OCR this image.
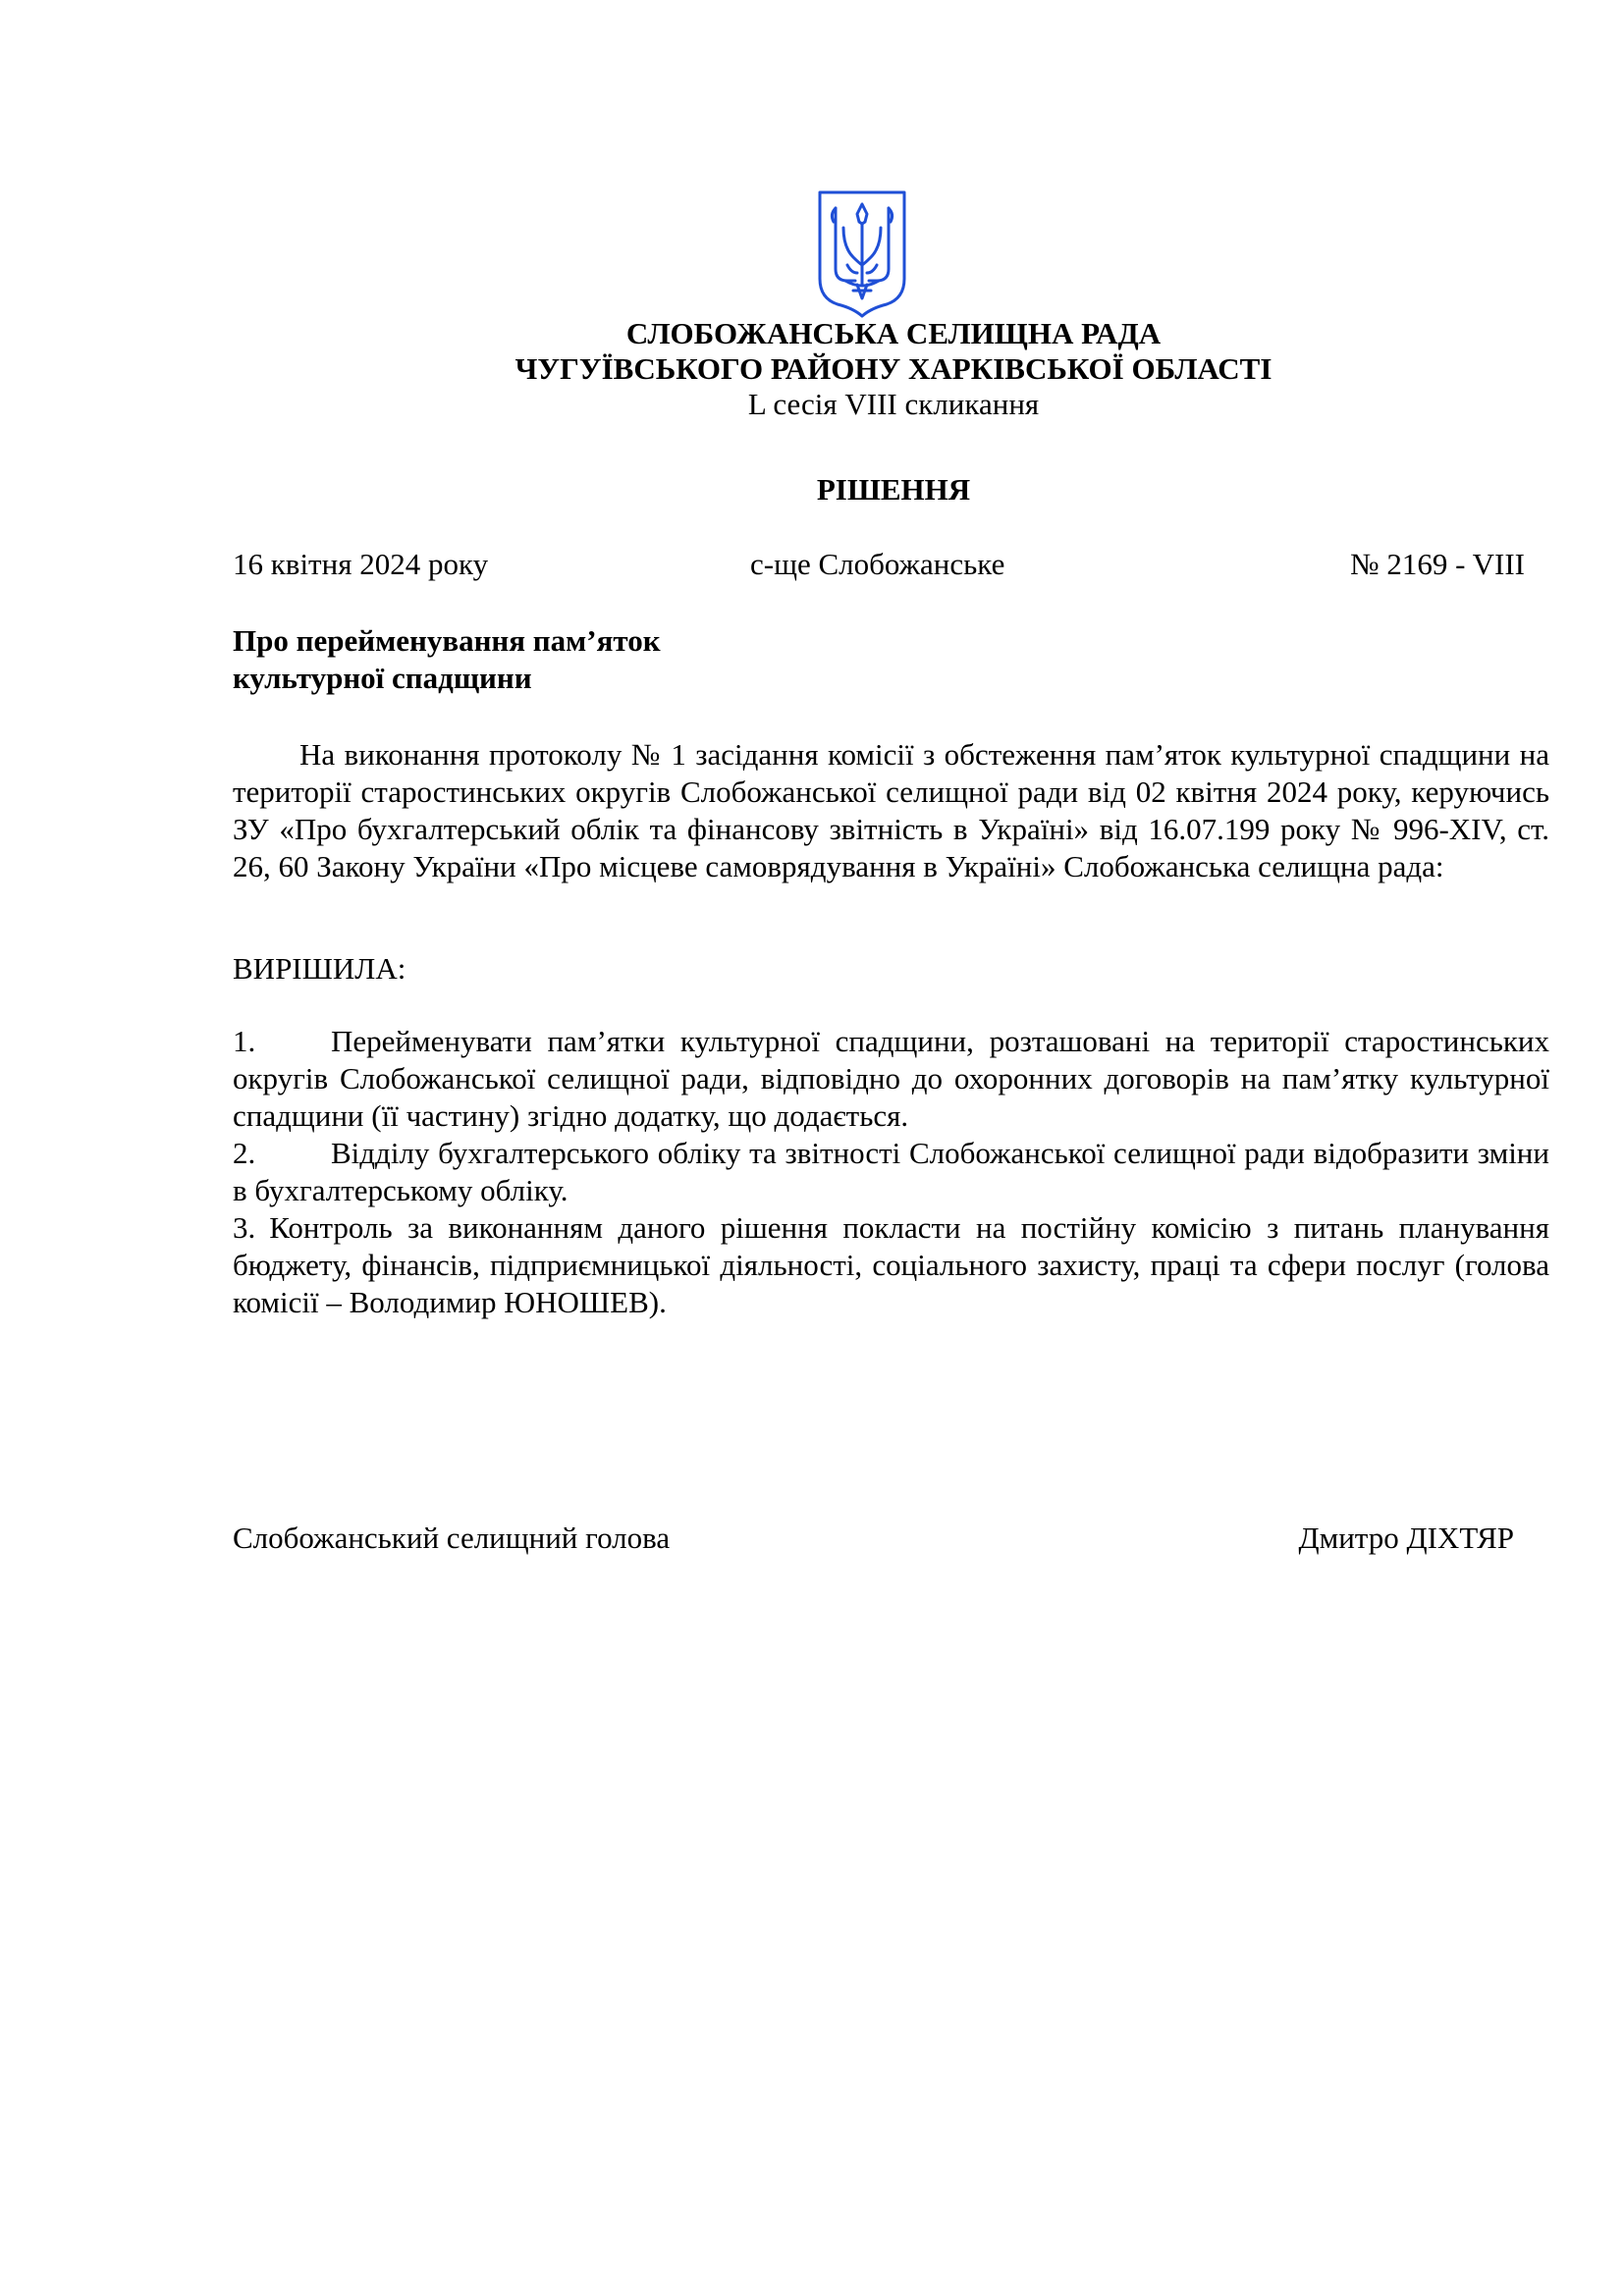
СЛОБОЖАНСЬКА СЕЛИЩНА РАДА
ЧУГУЇВСЬКОГО РАЙОНУ ХАРКІВСЬКОЇ ОБЛАСТІ
L сесія VIII скликання
РІШЕННЯ
16 квітня 2024 року	с-ще Слобожанське	№ 2169 - VIII
Про перейменування пам’яток
культурної спадщини
На виконання протоколу № 1 засідання комісії з обстеження пам’яток культурної спадщини на території старостинських округів Слобожанської селищної ради від 02 квітня 2024 року, керуючись ЗУ «Про бухгалтерський облік та фінансову звітність в Україні» від 16.07.199 року № 996-XIV, ст. 26, 60 Закону України «Про місцеве самоврядування в Україні» Слобожанська селищна рада:
ВИРІШИЛА:

1. Перейменувати пам’ятки культурної спадщини, розташовані на території старостинських округів Слобожанської селищної ради, відповідно до охоронних договорів на пам’ятку культурної спадщини (її частину) згідно додатку, що додається.

2. Відділу бухгалтерського обліку та звітності Слобожанської селищної ради відобразити зміни в бухгалтерському обліку.

3. Контроль за виконанням даного рішення покласти на постійну комісію з питань планування бюджету, фінансів, підприємницької діяльності, соціального захисту, праці та сфери послуг (голова комісії – Володимир ЮНОШЕВ).

Слобожанський селищний голова	Дмитро ДІХТЯР
